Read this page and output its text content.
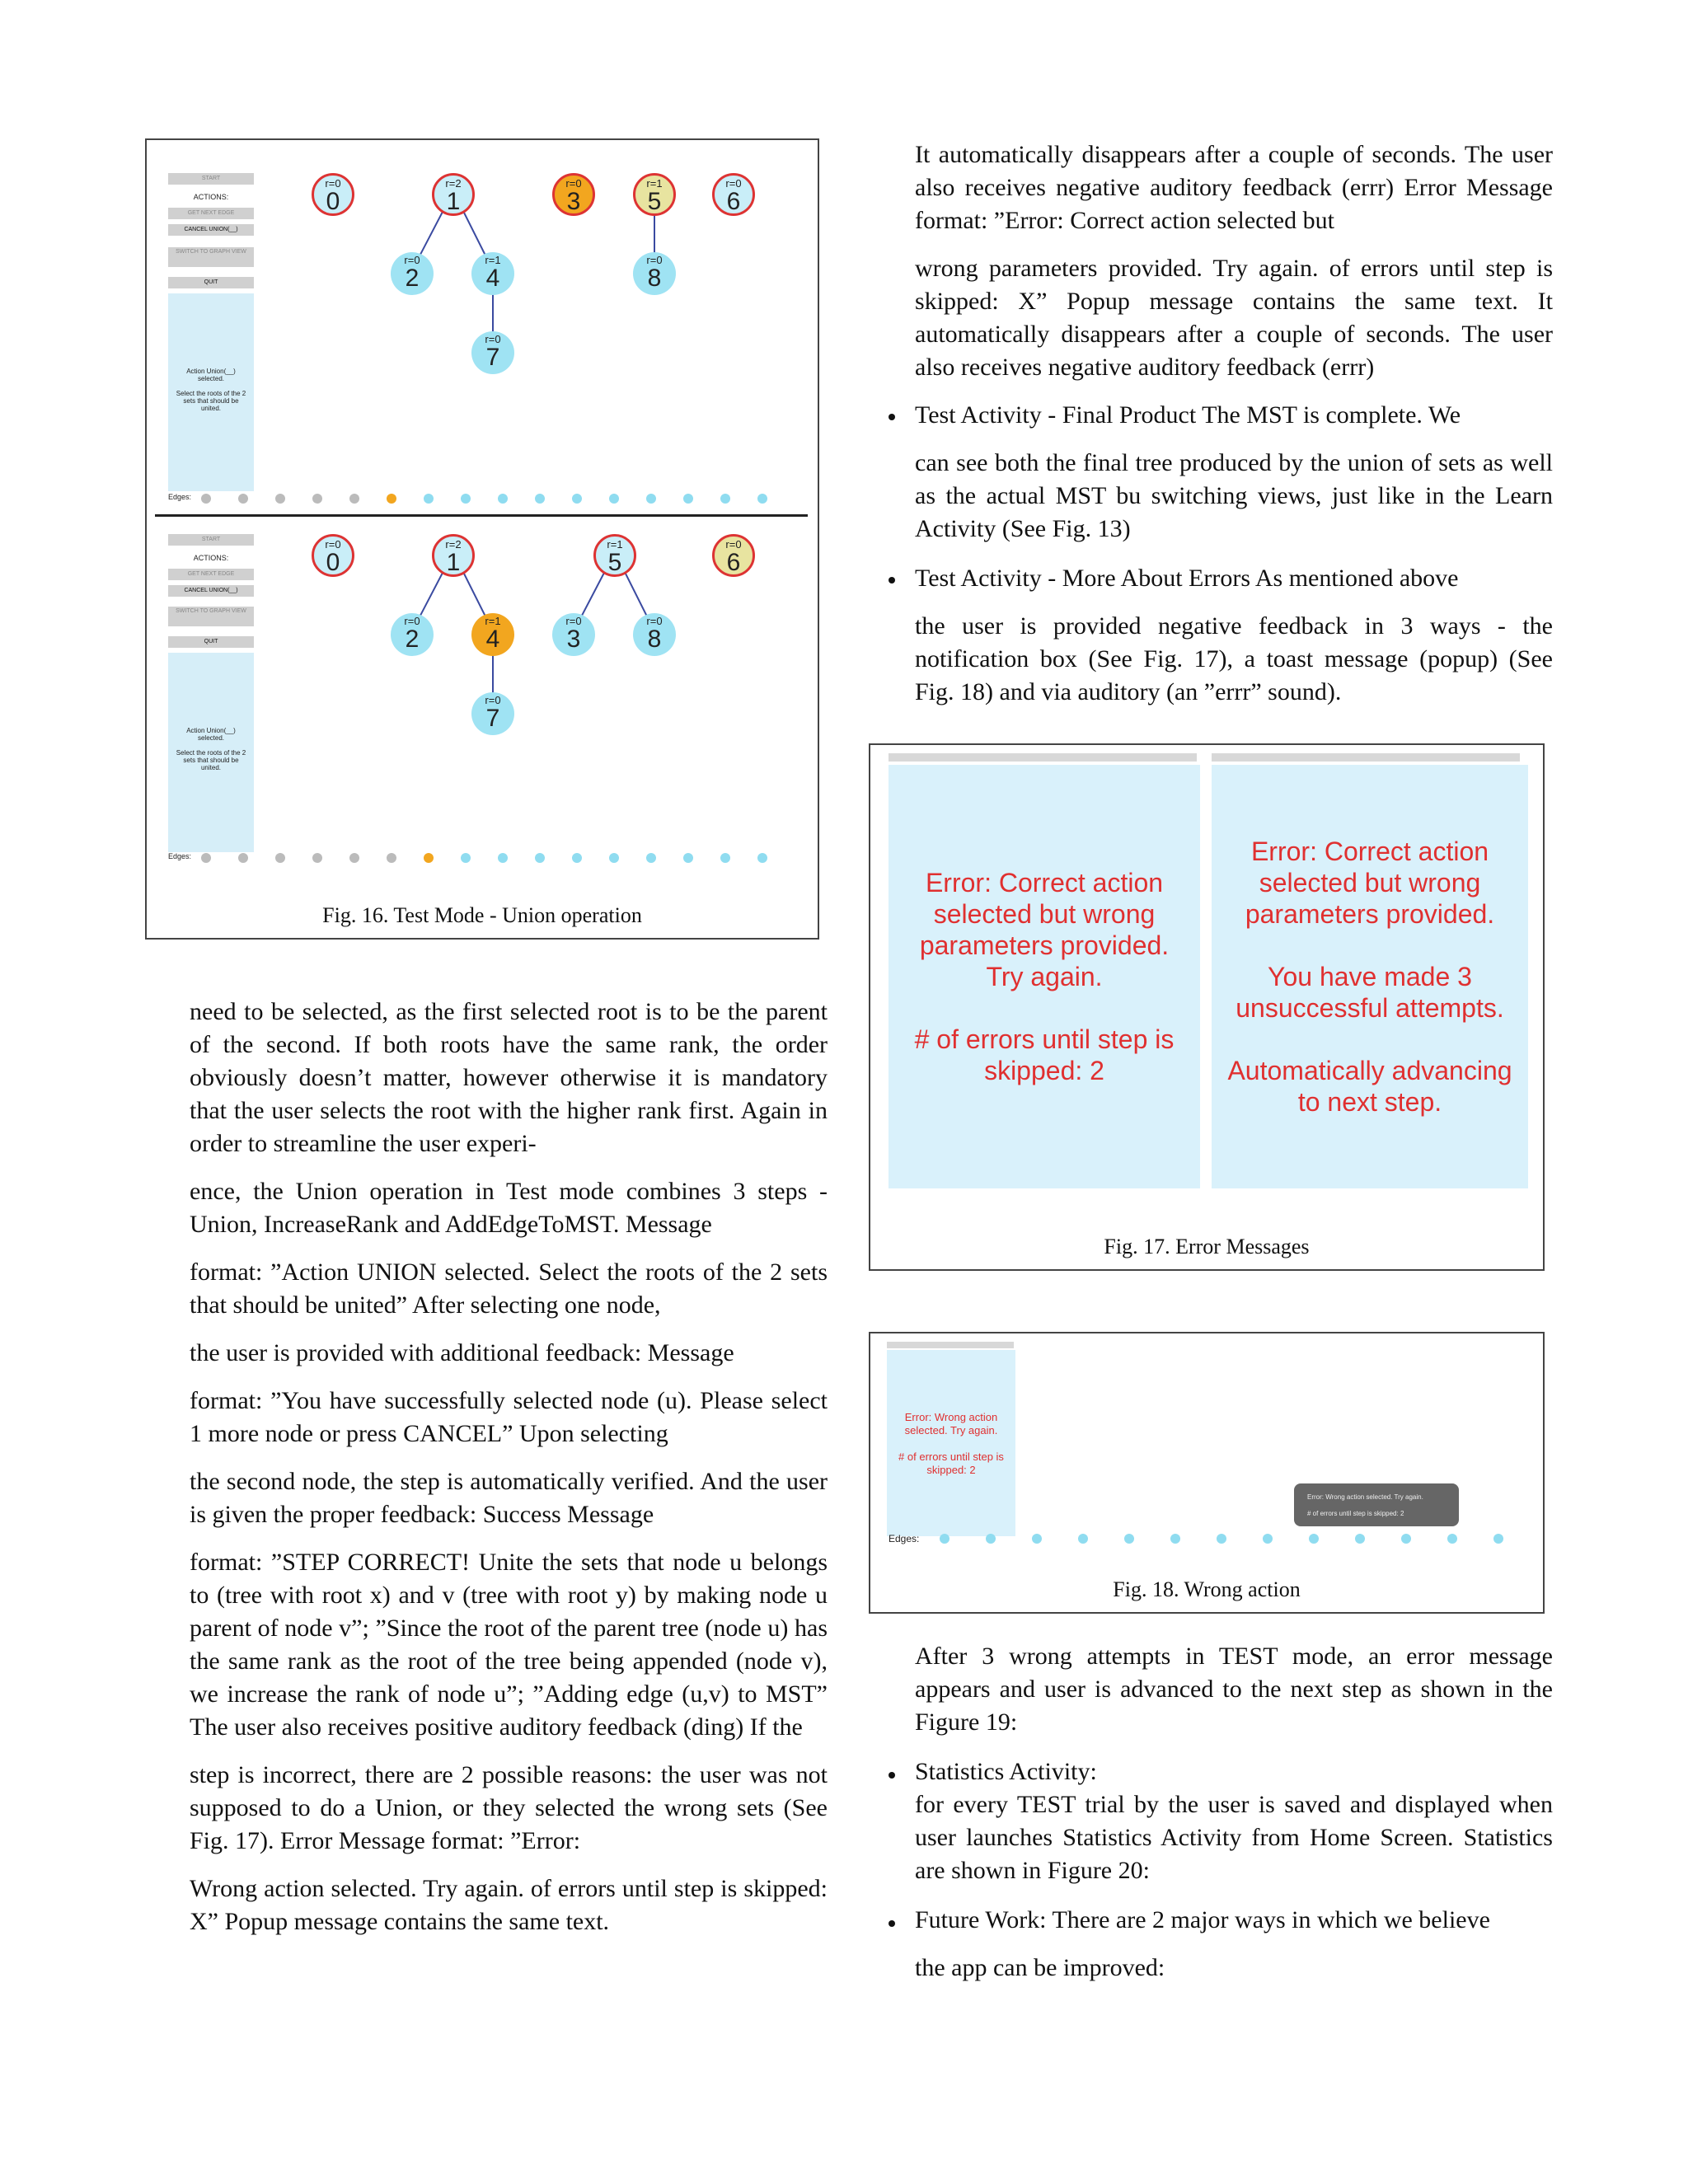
START
ACTIONS:
GET NEXT EDGE
CANCEL UNION(__)
SWITCH TO GRAPH VIEW
QUIT
Action Union(__) selected.

Select the roots of the 2 sets that should be united.
r=0
0
r=2
1
r=0
3
r=1
5
r=0
6
r=0
2
r=1
4
r=0
8
r=0
7
Edges:
START
ACTIONS:
GET NEXT EDGE
CANCEL UNION(__)
SWITCH TO GRAPH VIEW
QUIT
Action Union(__) selected.

Select the roots of the 2 sets that should be united.
r=0
0
r=2
1
r=1
5
r=0
6
r=0
2
r=1
4
r=0
3
r=0
8
r=0
7
Edges:
Fig. 16. Test Mode - Union operation

need to be selected, as the first selected root is to be the parent of the second. If both roots have the same rank, the order obviously doesn’t matter, however otherwise it is mandatory that the user selects the root with the higher rank first. Again in order to streamline the user experi-

ence, the Union operation in Test mode combines 3 steps - Union, IncreaseRank and AddEdgeToMST. Message

format: ”Action UNION selected. Select the roots of the 2 sets that should be united” After selecting one node,

the user is provided with additional feedback: Message

format: ”You have successfully selected node (u). Please select 1 more node or press CANCEL” Upon selecting

the second node, the step is automatically verified. And the user is given the proper feedback: Success Message

format: ”STEP CORRECT! Unite the sets that node u belongs to (tree with root x) and v (tree with root y) by making node u parent of node v”; ”Since the root of the parent tree (node u) has the same rank as the root of the tree being appended (node v), we increase the rank of node u”; ”Adding edge (u,v) to MST” The user also receives positive auditory feedback (ding) If the

step is incorrect, there are 2 possible reasons: the user was not supposed to do a Union, or they selected the wrong sets (See Fig. 17). Error Message format: ”Error:

Wrong action selected. Try again. of errors until step is skipped: X” Popup message contains the same text.

It automatically disappears after a couple of seconds. The user also receives negative auditory feedback (errr) Error Message format: ”Error: Correct action selected but

wrong parameters provided. Try again. of errors until step is skipped: X” Popup message contains the same text. It automatically disappears after a couple of seconds. The user also receives negative auditory feedback (errr)

Test Activity - Final Product The MST is complete. We

can see both the final tree produced by the union of sets as well as the actual MST bu switching views, just like in the Learn Activity (See Fig. 13)

Test Activity - More About Errors As mentioned above

the user is provided negative feedback in 3 ways - the notification box (See Fig. 17), a toast message (popup) (See Fig. 18) and via auditory (an ”errr” sound).

Error: Correct action
selected but wrong
parameters provided.
Try again.

# of errors until step is
skipped: 2
Error: Correct action
selected but wrong
parameters provided.

You have made 3
unsuccessful attempts.

Automatically advancing
to next step.
Fig. 17. Error Messages
Error: Wrong action
selected. Try again.

# of errors until step is
skipped: 2
Error: Wrong action selected. Try again.
# of errors until step is skipped: 2
Edges:
Fig. 18. Wrong action

After 3 wrong attempts in TEST mode, an error message appears and user is advanced to the next step as shown in the Figure 19:

Statistics Activity:

for every TEST trial by the user is saved and displayed when user launches Statistics Activity from Home Screen. Statistics are shown in Figure 20:

Future Work: There are 2 major ways in which we believe

the app can be improved:
